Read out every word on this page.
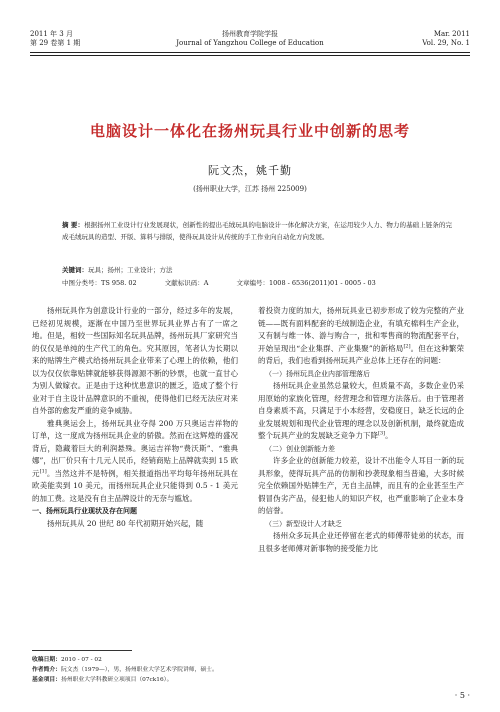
2011 年 3 月
第 29 卷第 1 期
扬州教育学院学报
Journal of Yangzhou College of Education
Mar. 2011
Vol. 29, No. 1
电脑设计一体化在扬州玩具行业中创新的思考
阮文杰，姚千勤
(扬州职业大学，江苏 扬州 225009)
摘 要：根据扬州工业设计行业发展现状，创新性的提出毛绒玩具的电脑设计一体化解决方案，在运用较少人力、物力的基础上链条的完成毛绒玩具的造型、开版、算料与排版，使得玩具设计从传统的手工作业向自动化方向发展。
关键词：玩具；扬州；工业设计；方法
中图分类号：TS 958. 02	文献标识码：A	文章编号：1008 - 6536(2011)01 - 0005 - 03

扬州玩具作为创意设计行业的一部分，经过多年的发展，已经初见规模，逐渐在中国乃至世界玩具业界占有了一席之地。但是，相较一些国际知名玩具品牌，扬州玩具厂家研究当的仅仅是单纯的生产代工的角色。究其原因，笔者认为长期以来的贴牌生产模式给扬州玩具企业带来了心理上的依赖，他们以为仅仅依靠贴牌就能够获得源源不断的钞票，也就一直甘心为别人做嫁衣。正是由于这种忧患意识的匮乏，造成了整个行业对于自主设计品牌意识的不重视，使得他们已经无法应对来自外部的愈发严重的竞争威胁。

雅典奥运会上，扬州玩具业夺得 200 万只奥运吉祥物的订单，这一度成为扬州玩具企业的骄傲。然而在这辉煌的盛况背后，隐藏着巨大的利润悬殊。奥运吉祥物“费沃斯”、“雅典娜”，出厂价只有十几元人民币，经销商贴上品牌就卖到 15 欧元[1]。当然这并不是特例，相关报道指出平均每年扬州玩具在欧美能卖到 10 美元，而扬州玩具企业只能得到 0.5 - 1 美元的加工费。这是没有自主品牌设计的无奈与尴尬。

一、扬州玩具行业现状及存在问题

扬州玩具从 20 世纪 80 年代初期开始兴起，随

着投资力度的加大，扬州玩具业已初步形成了较为完整的产业链——既有面料配套的毛绒制造企业，有填充棉料生产企业，又有制与维一体、游与购合一，批和零售商的物流配套平台，开始呈现出“企业集群、产业集聚”的新格局[2]。但在这种繁荣的背后，我们也看到扬州玩具产业总体上还存在的问题：

（一）扬州玩具企业内部管理落后

扬州玩具企业虽然总量较大，但质量不高，多数企业仍采用原始的家族化管理，经营理念和管理方法落后。由于管理者自身素质不高，只满足于小本经营，安稳度日，缺乏长远的企业发展规划和现代企业管理的理念以及创新机制，最终就造成整个玩具产业的发展缺乏竞争力下降[3]。

（二）创业创新能力差

许多企业的创新能力较差，设计不出能令人耳目一新的玩具形象，使得玩具产品的仿制和抄袭现象相当普遍，大多时候完全依赖国外贴牌生产，无自主品牌，而且有的企业甚至生产假冒伪劣产品，侵犯他人的知识产权，也严重影响了企业本身的信誉。

（三）新型设计人才缺乏

扬州众多玩具企业还停留在老式的师傅带徒弟的状态，而且很多老师傅对新事物的接受能力比

收稿日期：2010 - 07 - 02
作者简介：阮文杰（1979—），男，扬州职业大学艺术学院讲师，硕士。
基金项目：扬州职业大学科教研立项项目（07ck16）。
· 5 ·
